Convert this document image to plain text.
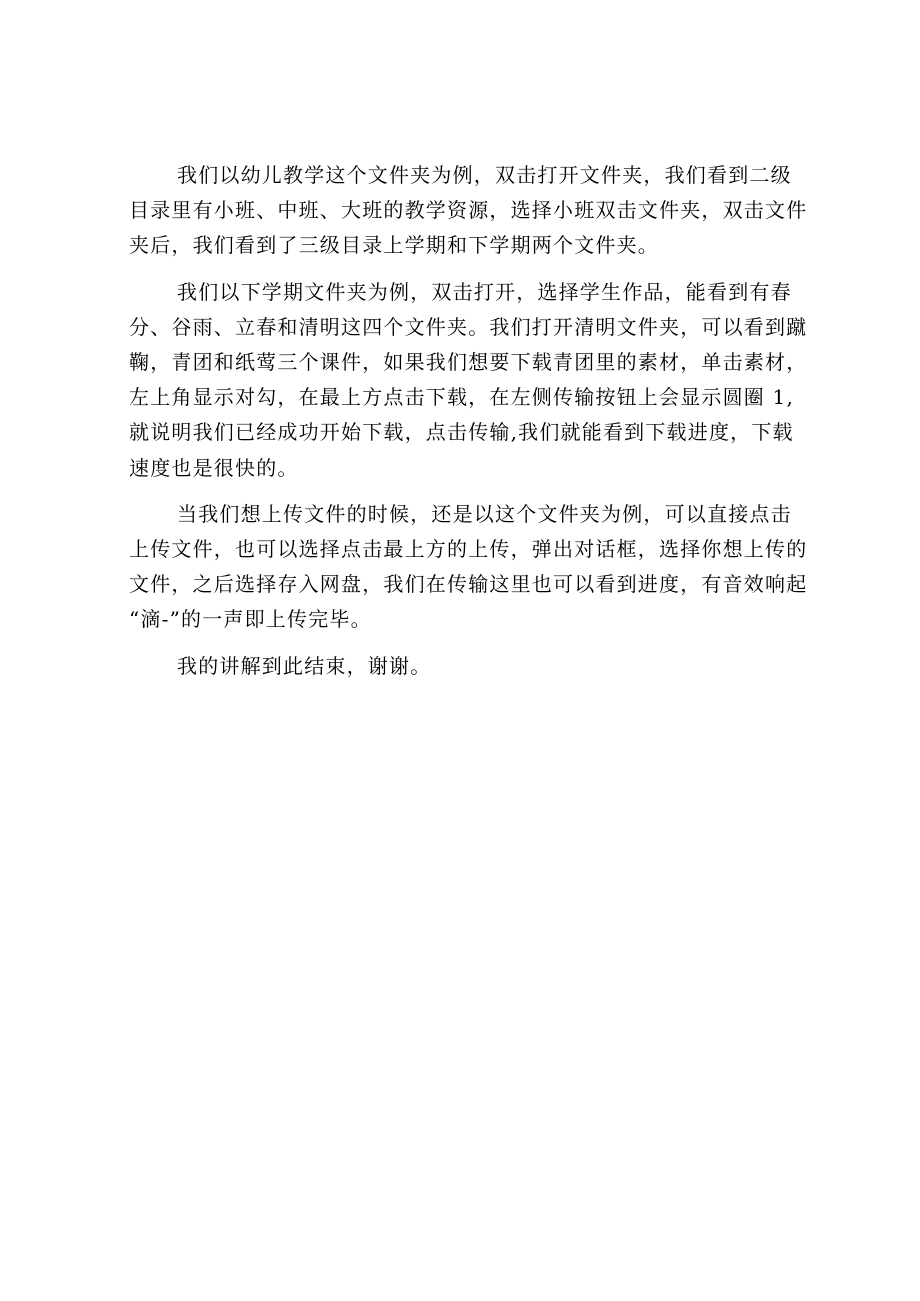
我们以幼儿教学这个文件夹为例，双击打开文件夹，我们看到二级
目录里有小班、中班、大班的教学资源，选择小班双击文件夹，双击文件
夹后，我们看到了三级目录上学期和下学期两个文件夹。

我们以下学期文件夹为例，双击打开，选择学生作品，能看到有春
分、谷雨、立春和清明这四个文件夹。我们打开清明文件夹，可以看到蹴
鞠，青团和纸莺三个课件，如果我们想要下载青团里的素材，单击素材，
左上角显示对勾，在最上方点击下载，在左侧传输按钮上会显示圆圈 1,
就说明我们已经成功开始下载，点击传输,我们就能看到下载进度，下载
速度也是很快的。

当我们想上传文件的时候，还是以这个文件夹为例，可以直接点击
上传文件，也可以选择点击最上方的上传，弹出对话框，选择你想上传的
文件，之后选择存入网盘，我们在传输这里也可以看到进度，有音效响起
“滴-”的一声即上传完毕。

我的讲解到此结束，谢谢。
